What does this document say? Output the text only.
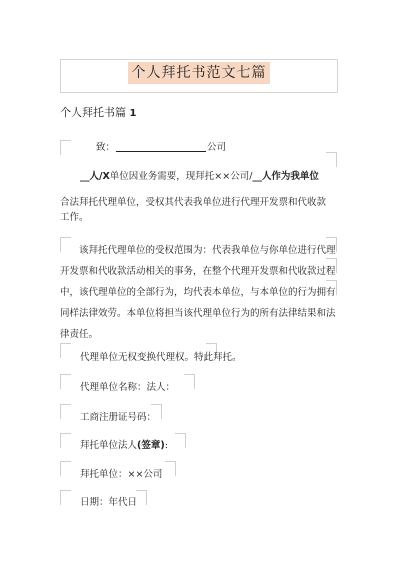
个人拜托书范文七篇
个人拜托书篇 1
致：	公司
__人/X单位因业务需要，现拜托××公司/__人作为我单位
合法拜托代理单位，受权其代表我单位进行代理开发票和代收款
工作。
该拜托代理单位的受权范围为：代表我单位与你单位进行代理
开发票和代收款活动相关的事务，在整个代理开发票和代收款过程
中，该代理单位的全部行为，均代表本单位，与本单位的行为拥有
同样法律效劳。本单位将担当该代理单位行为的所有法律结果和法
律责任。
代理单位无权变换代理权。特此拜托。
代理单位名称：法人：
工商注册证号码：
拜托单位法人(签章):
拜托单位：××公司
日期：年代日
